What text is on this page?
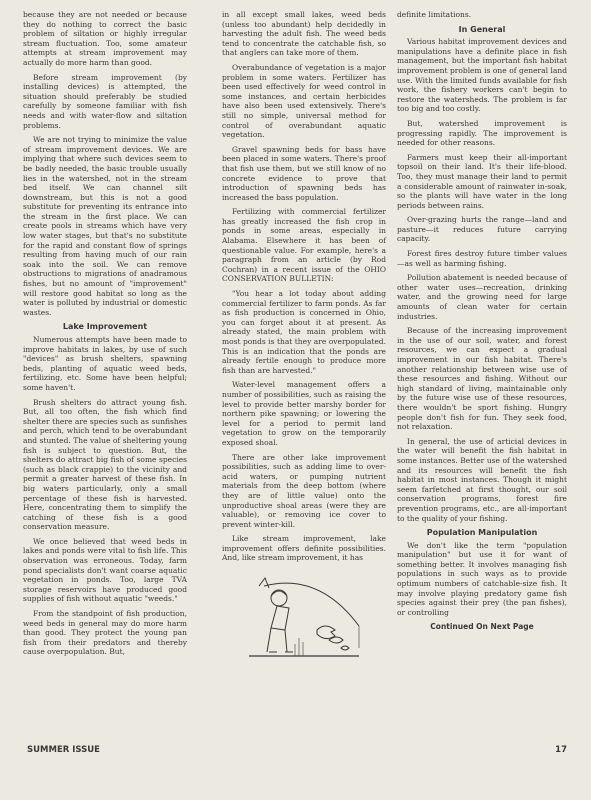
because they are not needed or because they do nothing to correct the basic problem of siltation or highly irregular stream fluctuation. Too, some amateur attempts at stream improvement may actually do more harm than good.

Before stream improvement (by installing devices) is attempted, the situation should preferably be studied carefully by someone familiar with fish needs and with water-flow and siltation problems.

We are not trying to minimize the value of stream improvement devices. We are implying that where such devices seem to be badly needed, the basic trouble usually lies in the watershed, not in the stream bed itself. We can channel silt downstream, but this is not a good substitute for preventing its entrance into the stream in the first place. We can create pools in streams which have very low water stages, but that's no substitute for the rapid and constant flow of springs resulting from having much of our rain soak into the soil. We can remove obstructions to migrations of anadramous fishes, but no amount of "improvement" will restore good habitat so long as the water is polluted by industrial or domestic wastes.

Lake Improvement

Numerous attempts have been made to improve habitats in lakes, by use of such "devices" as brush shelters, spawning beds, planting of aquatic weed beds, fertilizing, etc. Some have been helpful; some haven't.

Brush shelters do attract young fish. But, all too often, the fish which find shelter there are species such as sunfishes and perch, which tend to be overabundant and stunted. The value of sheltering young fish is subject to question. But, the shelters do attract big fish of some species (such as black crappie) to the vicinity and permit a greater harvest of these fish. In big waters particularly, only a small percentage of these fish is harvested. Here, concentrating them to simplify the catching of these fish is a good conservation measure.

We once believed that weed beds in lakes and ponds were vital to fish life. This observation was erroneous. Today, farm pond specialists don't want coarse aquatic vegetation in ponds. Too, large TVA storage reservoirs have produced good supplies of fish without aquatic "weeds."

From the standpoint of fish production, weed beds in general may do more harm than good. They protect the young pan fish from their predators and thereby cause overpopulation. But,

in all except small lakes, weed beds (unless too abundant) help decidedly in harvesting the adult fish. The weed beds tend to concentrate the catchable fish, so that anglers can take more of them.

Overabundance of vegetation is a major problem in some waters. Fertilizer has been used effectively for weed control in some instances, and certain herbicides have also been used extensively. There's still no simple, universal method for control of overabundant aquatic vegetation.

Gravel spawning beds for bass have been placed in some waters. There's proof that fish use them, but we still know of no concrete evidence to prove that introduction of spawning beds has increased the bass population.

Fertilizing with commercial fertilizer has greatly increased the fish crop in ponds in some areas, especially in Alabama. Elsewhere it has been of questionable value. For example, here's a paragraph from an article (by Rod Cochran) in a recent issue of the OHIO CONSERVATION BULLETIN:

"You hear a lot today about adding commercial fertilizer to farm ponds. As far as fish production is concerned in Ohio, you can forget about it at present. As already stated, the main problem with most ponds is that they are overpopulated. This is an indication that the ponds are already fertile enough to produce more fish than are harvested."

Water-level management offers a number of possibilities, such as raising the level to provide better marshy border for northern pike spawning; or lowering the level for a period to permit land vegetation to grow on the temporarily exposed shoal.

There are other lake improvement possibilities, such as adding lime to over-acid waters, or pumping nutrient materials from the deep bottom (where they are of little value) onto the unproductive shoal areas (were they are valuable), or removing ice cover to prevent winter-kill.

Like stream improvement, lake improvement offers definite possibilities. And, like stream improvement, it has

definite limitations.

In General

Various habitat improvement devices and manipulations have a definite place in fish management, but the important fish habitat improvement problem is one of general land use. With the limited funds available for fish work, the fishery workers can't begin to restore the watersheds. The problem is far too big and too costly.

But, watershed improvement is progressing rapidly. The improvement is needed for other reasons.

Farmers must keep their all-important topsoil on their land. It's their life-blood. Too, they must manage their land to permit a considerable amount of rainwater in-soak, so the plants will have water in the long periods between rains.

Over-grazing hurts the range—land and pasture—it reduces future carrying capacity.

Forest fires destroy future timber values—as well as harming fishing.

Pollution abatement is needed because of other water uses—recreation, drinking water, and the growing need for large amounts of clean water for certain industries.

Because of the increasing improvement in the use of our soil, water, and forest resources, we can expect a gradual improvement in our fish habitat. There's another relationship between wise use of these resources and fishing. Without our high standard of living, maintainable only by the future wise use of these resources, there wouldn't be sport fishing. Hungry people don't fish for fun. They seek food, not relaxation.

In general, the use of articial devices in the water will benefit the fish habitat in some instances. Better use of the watershed and its resources will benefit the fish habitat in most instances. Though it might seem farfetched at first thought, our soil conservation programs, forest fire prevention programs, etc., are all-important to the quality of your fishing.

Population Manipulation

We don't like the term "population manipulation" but use it for want of something better. It involves managing fish populations in such ways as to provide optimum numbers of catchable-size fish. It may involve playing predatory game fish species against their prey (the pan fishes), or controlling

Continued On Next Page
SUMMER ISSUE	17
